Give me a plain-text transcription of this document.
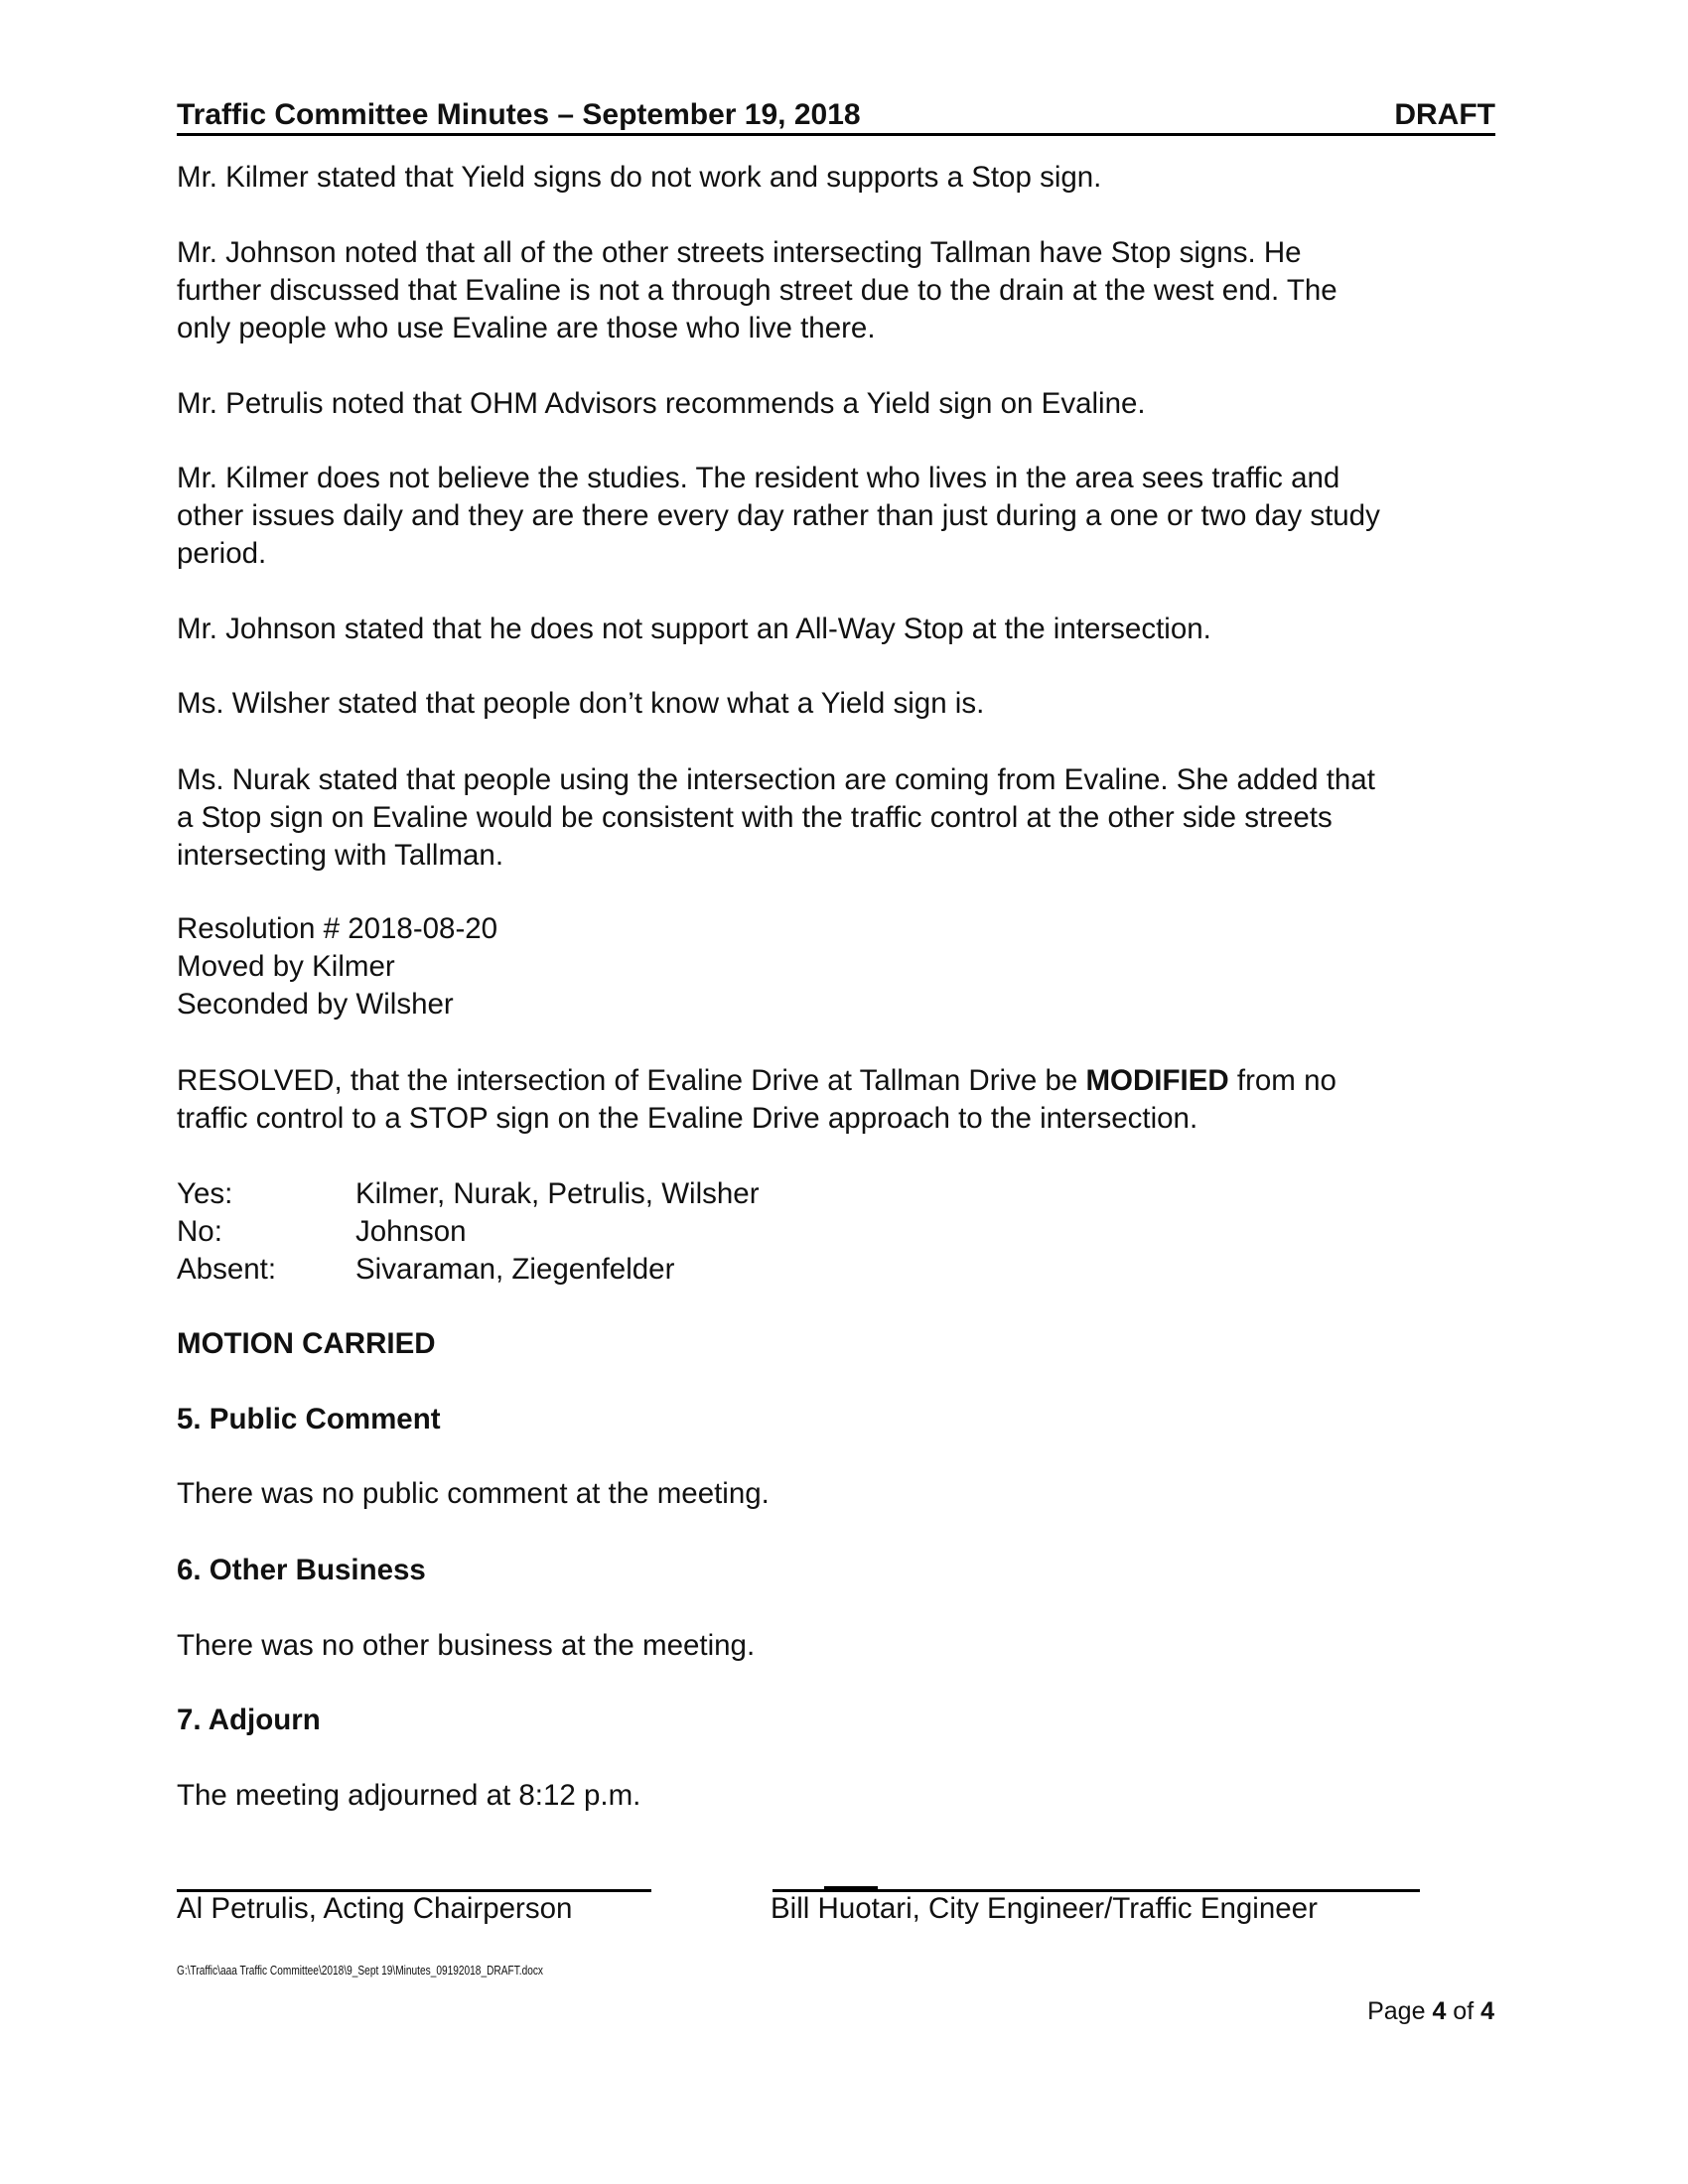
Traffic Committee Minutes – September 19, 2018	DRAFT
Mr. Kilmer stated that Yield signs do not work and supports a Stop sign.
Mr. Johnson noted that all of the other streets intersecting Tallman have Stop signs. He
further discussed that Evaline is not a through street due to the drain at the west end. The
only people who use Evaline are those who live there.
Mr. Petrulis noted that OHM Advisors recommends a Yield sign on Evaline.
Mr. Kilmer does not believe the studies. The resident who lives in the area sees traffic and
other issues daily and they are there every day rather than just during a one or two day study
period.
Mr. Johnson stated that he does not support an All-Way Stop at the intersection.
Ms. Wilsher stated that people don’t know what a Yield sign is.
Ms. Nurak stated that people using the intersection are coming from Evaline. She added that
a Stop sign on Evaline would be consistent with the traffic control at the other side streets
intersecting with Tallman.
Resolution # 2018-08-20
Moved by Kilmer
Seconded by Wilsher
RESOLVED, that the intersection of Evaline Drive at Tallman Drive be MODIFIED from no
traffic control to a STOP sign on the Evaline Drive approach to the intersection.
Yes:	Kilmer, Nurak, Petrulis, Wilsher
No:	Johnson
Absent:	Sivaraman, Ziegenfelder
MOTION CARRIED
5. Public Comment
There was no public comment at the meeting.
6. Other Business
There was no other business at the meeting.
7. Adjourn
The meeting adjourned at 8:12 p.m.
Al Petrulis, Acting Chairperson	Bill Huotari, City Engineer/Traffic Engineer
G:\Traffic\aaa Traffic Committee\2018\9_Sept 19\Minutes_09192018_DRAFT.docx
Page 4 of 4
